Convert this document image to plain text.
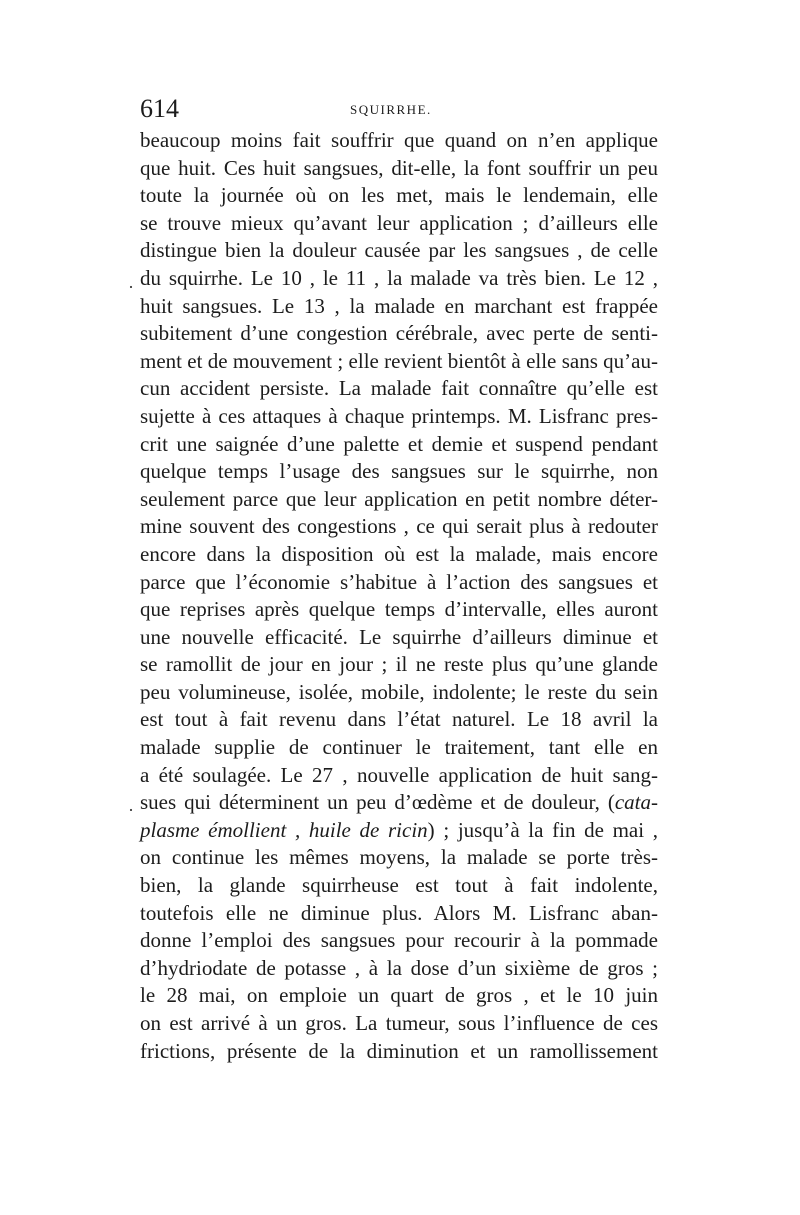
614	SQUIRRHE.
beaucoup moins fait souffrir que quand on n’en applique
que huit. Ces huit sangsues, dit-elle, la font souffrir un peu
toute la journée où on les met, mais le lendemain, elle
se trouve mieux qu’avant leur application ; d’ailleurs elle
distingue bien la douleur causée par les sangsues , de celle
du squirrhe. Le 10 , le 11 , la malade va très bien. Le 12 ,
huit sangsues. Le 13 , la malade en marchant est frappée
subitement d’une congestion cérébrale, avec perte de senti-
ment et de mouvement ; elle revient bientôt à elle sans qu’au-
cun accident persiste. La malade fait connaître qu’elle est
sujette à ces attaques à chaque printemps. M. Lisfranc pres-
crit une saignée d’une palette et demie et suspend pendant
quelque temps l’usage des sangsues sur le squirrhe, non
seulement parce que leur application en petit nombre déter-
mine souvent des congestions , ce qui serait plus à redouter
encore dans la disposition où est la malade, mais encore
parce que l’économie s’habitue à l’action des sangsues et
que reprises après quelque temps d’intervalle, elles auront
une nouvelle efficacité. Le squirrhe d’ailleurs diminue et
se ramollit de jour en jour ; il ne reste plus qu’une glande
peu volumineuse, isolée, mobile, indolente; le reste du sein
est tout à fait revenu dans l’état naturel. Le 18 avril la
malade supplie de continuer le traitement, tant elle en
a été soulagée. Le 27 , nouvelle application de huit sang-
sues qui déterminent un peu d’œdème et de douleur, (cata-
plasme émollient , huile de ricin) ; jusqu’à la fin de mai ,
on continue les mêmes moyens, la malade se porte très-
bien, la glande squirrheuse est tout à fait indolente,
toutefois elle ne diminue plus. Alors M. Lisfranc aban-
donne l’emploi des sangsues pour recourir à la pommade
d’hydriodate de potasse , à la dose d’un sixième de gros ;
le 28 mai, on emploie un quart de gros , et le 10 juin
on est arrivé à un gros. La tumeur, sous l’influence de ces
frictions, présente de la diminution et un ramollissement
·
·
